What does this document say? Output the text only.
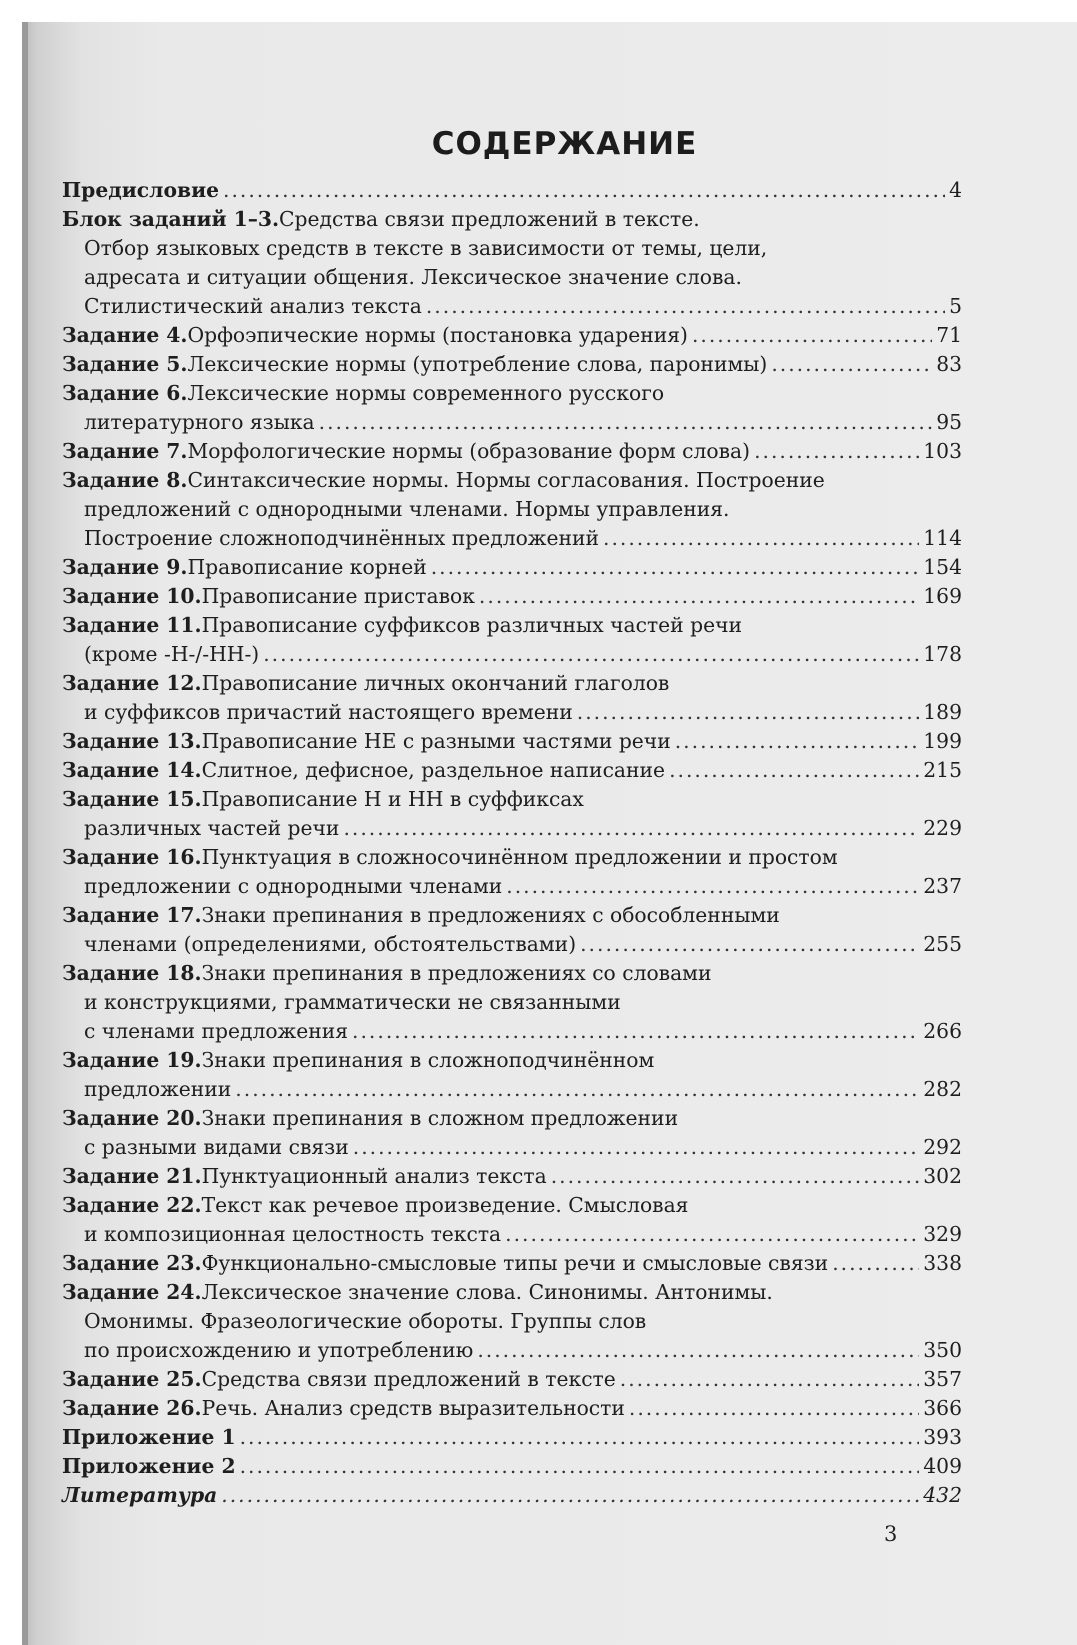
СОДЕРЖАНИЕ
Предисловие .....	4
Блок заданий 1–3. Средства связи предложений в тексте.
Отбор языковых средств в тексте в зависимости от темы, цели,
адресата и ситуации общения. Лексическое значение слова.
Стилистический анализ текста .....	5
Задание 4. Орфоэпические нормы (постановка ударения) .....	71
Задание 5. Лексические нормы (употребление слова, паронимы) .....	83
Задание 6. Лексические нормы современного русского
литературного языка .....	95
Задание 7. Морфологические нормы (образование форм слова) .....	103
Задание 8. Синтаксические нормы. Нормы согласования. Построение
предложений с однородными членами. Нормы управления.
Построение сложноподчинённых предложений .....	114
Задание 9. Правописание корней .....	154
Задание 10. Правописание приставок .....	169
Задание 11. Правописание суффиксов различных частей речи
(кроме -Н-/-НН-) .....	178
Задание 12. Правописание личных окончаний глаголов
и суффиксов причастий настоящего времени .....	189
Задание 13. Правописание НЕ с разными частями речи .....	199
Задание 14. Слитное, дефисное, раздельное написание .....	215
Задание 15. Правописание Н и НН в суффиксах
различных частей речи .....	229
Задание 16. Пунктуация в сложносочинённом предложении и простом
предложении с однородными членами .....	237
Задание 17. Знаки препинания в предложениях с обособленными
членами (определениями, обстоятельствами) .....	255
Задание 18. Знаки препинания в предложениях со словами
и конструкциями, грамматически не связанными
с членами предложения .....	266
Задание 19. Знаки препинания в сложноподчинённом
предложении .....	282
Задание 20. Знаки препинания в сложном предложении
с разными видами связи .....	292
Задание 21. Пунктуационный анализ текста .....	302
Задание 22. Текст как речевое произведение. Смысловая
и композиционная целостность текста .....	329
Задание 23. Функционально-смысловые типы речи и смысловые связи .....	338
Задание 24. Лексическое значение слова. Синонимы. Антонимы.
Омонимы. Фразеологические обороты. Группы слов
по происхождению и употреблению .....	350
Задание 25. Средства связи предложений в тексте .....	357
Задание 26. Речь. Анализ средств выразительности .....	366
Приложение 1 .....	393
Приложение 2 .....	409
Литература .....	432
3
